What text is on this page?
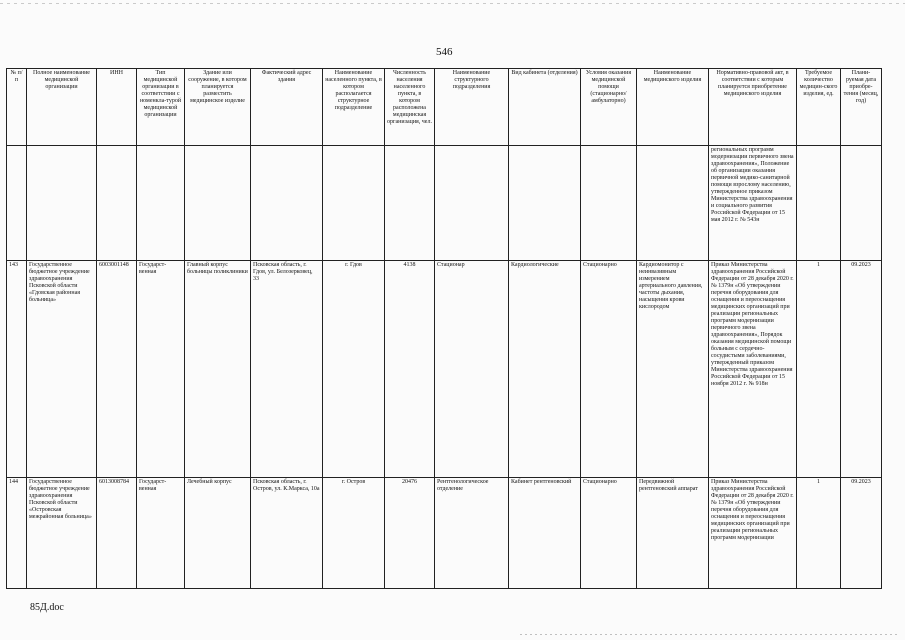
546
№ п/п	Полное наименование медицинской организации	ИНН	Тип медицинской организации в соответствии с номенкла-турой медицинской организации	Здание или сооружение, в котором планируется разместить медицинское изделие	Фактический адрес здания	Наименование населенного пункта, в котором располагается структурное подразделение	Численность населения населенного пункта, в котором расположена медицинская организация, чел.	Наименование структурного подразделения	Вид кабинета (отделения)	Условия оказания медицинской помощи (стационарно/ амбулаторно)	Наименование медицинского изделия	Нормативно-правовой акт, в соответствии с которым планируется приобретение медицинского изделия	Требуемое количество медицин-ского изделия, ед.	Плани-руемая дата приобре-тения (месяц, год)
												региональных программ модернизации первичного звена здравоохранения», Положение об организации оказания первичной медико-санитарной помощи взрослому населению, утвержденное приказом Министерства здравоохранения и социального развития Российской Федерации от 15 мая 2012 г. № 543н		
143	Государственное бюджетное учреждение здравоохранения Псковской области «Гдовская районная больница»	6003001148	Государст-венная	Главный корпус больницы поликлиники	Псковская область, г. Гдов, ул. Белозерковец, 33	г. Гдов	4138	Стационар	Кардиологические	Стационарно	Кардиомонитор с неинвазивным измерением артериального давления, частоты дыхания, насыщения крови кислородом	Приказ Министерства здравоохранения Российской Федерации от 28 декабря 2020 г. № 1379н «Об утверждении перечня оборудования для оснащения и переоснащения медицинских организаций при реализации региональных программ модернизации первичного звена здравоохранения», Порядок оказания медицинской помощи больным с сердечно-сосудистыми заболеваниями, утвержденный приказом Министерства здравоохранения Российской Федерации от 15 ноября 2012 г. № 918н	1	09.2023
144	Государственное бюджетное учреждение здравоохранения Псковской области «Островская межрайонная больница»	6013008784	Государст-венная	Лечебный корпус	Псковская область, г. Остров, ул. К.Маркса, 10а	г. Остров	20476	Рентгенологическое отделение	Кабинет рентгеновский	Стационарно	Передвижной рентгеновский аппарат	Приказ Министерства здравоохранения Российской Федерации от 28 декабря 2020 г. № 1379н «Об утверждении перечня оборудования для оснащения и переоснащения медицинских организаций при реализации региональных программ модернизации	1	09.2023
85Д.doc
